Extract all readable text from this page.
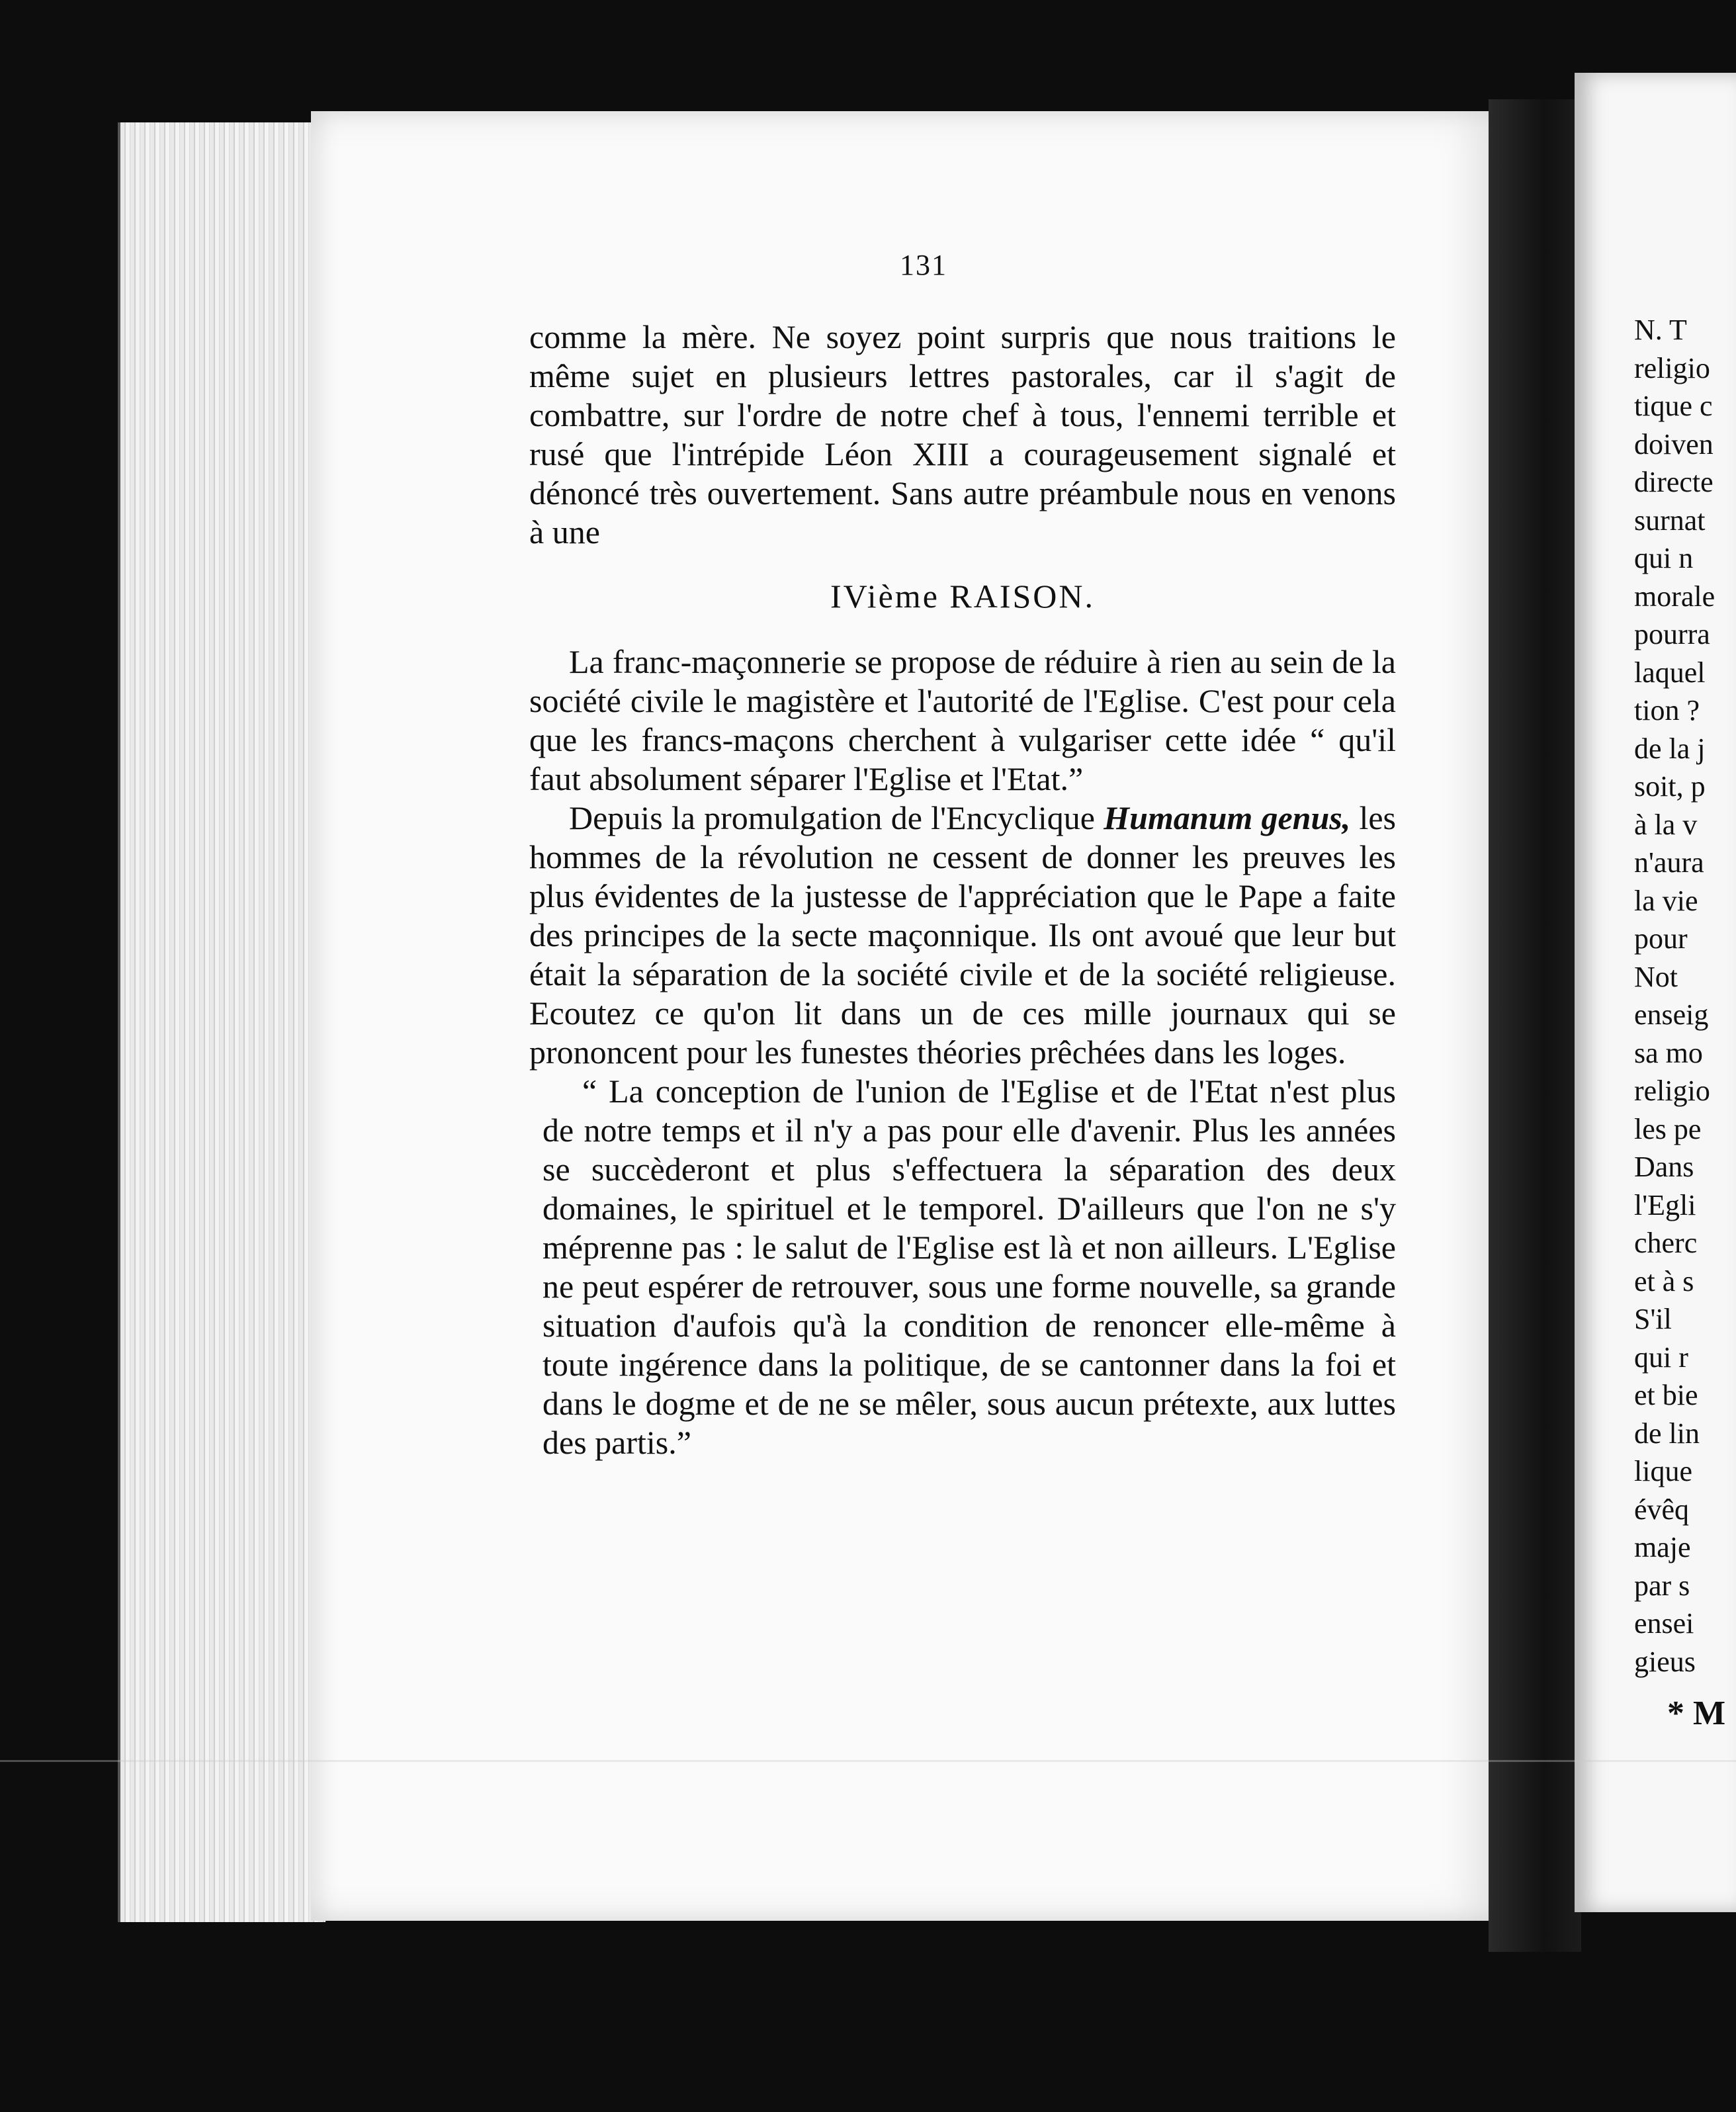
131

comme la mère. Ne soyez point surpris que nous traitions le même sujet en plusieurs lettres pastorales, car il s'agit de combattre, sur l'ordre de notre chef à tous, l'ennemi terrible et rusé que l'intrépide Léon XIII a courageusement signalé et dénoncé très ouvertement. Sans autre préambule nous en venons à une

IVième RAISON.

La franc-maçonnerie se propose de réduire à rien au sein de la société civile le magistère et l'autorité de l'Eglise. C'est pour cela que les francs-maçons cherchent à vulgariser cette idée “ qu'il faut absolument séparer l'Eglise et l'Etat.”

Depuis la promulgation de l'Encyclique Humanum genus, les hommes de la révolution ne cessent de donner les preuves les plus évidentes de la justesse de l'appréciation que le Pape a faite des principes de la secte maçonnique. Ils ont avoué que leur but était la séparation de la société civile et de la société religieuse. Ecoutez ce qu'on lit dans un de ces mille journaux qui se prononcent pour les funestes théories prêchées dans les loges.

“ La conception de l'union de l'Eglise et de l'Etat n'est plus de notre temps et il n'y a pas pour elle d'avenir. Plus les années se succèderont et plus s'effectuera la séparation des deux domaines, le spirituel et le temporel. D'ailleurs que l'on ne s'y méprenne pas : le salut de l'Eglise est là et non ailleurs. L'Eglise ne peut espérer de retrouver, sous une forme nouvelle, sa grande situation d'aufois qu'à la condition de renoncer elle-même à toute ingérence dans la politique, de se cantonner dans la foi et dans le dogme et de ne se mêler, sous aucun prétexte, aux luttes des partis.”

N. T
religio
tique c
doiven
directe
surnat
qui n
morale
pourra
laquel
tion ?
de la j
soit, p
à la v
n'aura
la vie
pour
Not
enseig
sa mo
religio
les pe
Dans
l'Egli
cherc
et à s
S'il
qui r
et bie
de lin
lique
évêq
maje
par s
ensei
gieus
* M
